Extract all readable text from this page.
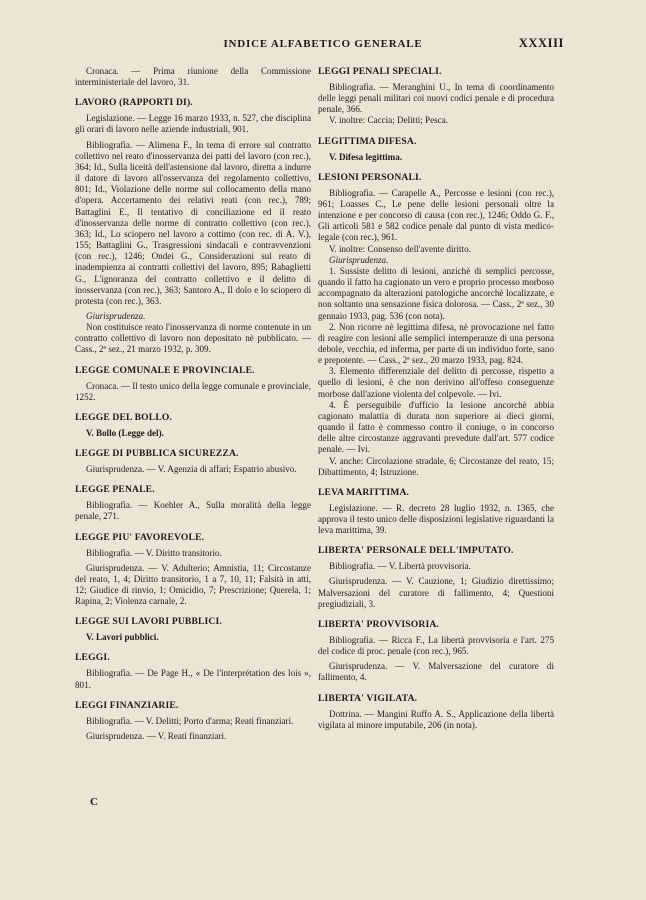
INDICE ALFABETICO GENERALE	XXXIII

Cronaca. — Prima riunione della Commissione interministeriale del lavoro, 31.

LAVORO (RAPPORTI DI).

Legislazione. — Legge 16 marzo 1933, n. 527, che disciplina gli orari di lavoro nelle aziende industriali, 901.

Bibliografia. — Alimena F., In tema di errore sul contratto collettivo nel reato d'inosservanza dei patti del lavoro (con rec.), 364; Id., Sulla liceità dell'astensione dal lavoro, diretta a indurre il datore di lavoro all'osservanza del regolamento collettivo, 801; Id., Violazione delle norme sul collocamento della mano d'opera. Accertamento dei relativi reati (con rec.), 789; Battaglini E., Il tentativo di conciliazione ed il reato d'inosservanza delle norme di contratto collettivo (con rec.), 363; Id., Lo sciopero nel lavoro a cottimo (con rec. di A. V.), 155; Battaglini G., Trasgressioni sindacali e contravvenzioni (con rec.), 1246; Ondei G., Considerazioni sul reato di inadempienza ai contratti collettivi del lavoro, 895; Rabaglietti G., L'ignoranza del contratto collettivo e il delitto di inosservanza (con rec.), 363; Santoro A., Il dolo e lo sciopero di protesta (con rec.), 363.

Giurisprudenza.

Non costituisce reato l'inosservanza di norme contenute in un contratto collettivo di lavoro non depositato nè pubblicato. — Cass., 2ª sez., 21 marzo 1932, p. 309.

LEGGE COMUNALE E PROVINCIALE.

Cronaca. — Il testo unico della legge comunale e provinciale, 1252.

LEGGE DEL BOLLO.

V. Bollo (Legge del).

LEGGE DI PUBBLICA SICUREZZA.

Giurisprudenza. — V. Agenzia di affari; Espatrio abusivo.

LEGGE PENALE.

Bibliografia. — Koehler A., Sulla moralità della legge penale, 271.

LEGGE PIU' FAVOREVOLE.

Bibliografia. — V. Diritto transitorio.

Giurisprudenza. — V. Adulterio; Amnistia, 11; Circostanze del reato, 1, 4; Diritto transitorio, 1 a 7, 10, 11; Falsità in atti, 12; Giudice di rinvio, 1; Omicidio, 7; Prescrizione; Querela, 1; Rapina, 2; Violenza carnale, 2.

LEGGE SUI LAVORI PUBBLICI.

V. Lavori pubblici.

LEGGI.

Bibliografia. — De Page H., « De l'interprétation des lois », 801.

LEGGI FINANZIARIE.

Bibliografia. — V. Delitti; Porto d'arma; Reati finanziari.

Giurisprudenza. — V. Reati finanziari.

C

LEGGI PENALI SPECIALI.

Bibliografia. — Meranghini U., In tema di coordinamento delle leggi penali militari coi nuovi codici penale e di procedura penale, 366.

V. inoltre: Caccia; Delitti; Pesca.

LEGITTIMA DIFESA.

V. Difesa legittima.

LESIONI PERSONALI.

Bibliografia. — Carapelle A., Percosse e lesioni (con rec.), 961; Loasses C., Le pene delle lesioni personali oltre la intenzione e per concorso di causa (con rec.), 1246; Oddo G. F., Gli articoli 581 e 582 codice penale dal punto di vista medico-legale (con rec.), 961.

V. inoltre: Consenso dell'avente diritto.

Giurisprudenza.

1. Sussiste delitto di lesioni, anzichè di semplici percosse, quando il fatto ha cagionato un vero e proprio processo morboso accompagnato da alterazioni patologiche ancorchè localizzate, e non soltanto una sensazione fisica dolorosa. — Cass., 2ª sez., 30 gennaio 1933, pag. 536 (con nota).

2. Non ricorre nè legittima difesa, nè provocazione nel fatto di reagire con lesioni alle semplici intemperanze di una persona debole, vecchia, ed inferma, per parte di un individuo forte, sano e prepotente. — Cass., 2ª sez., 20 marzo 1933, pag. 824.

3. Elemento differenziale del delitto di percosse, rispetto a quello di lesioni, è che non derivino all'offeso conseguenze morbose dall'azione violenta del colpevole. — Ivi.

4. È perseguibile d'ufficio la lesione ancorchè abbia cagionato malattia di durata non superiore ai dieci giorni, quando il fatto è commesso contro il coniuge, o in concorso delle altre circostanze aggravanti prevedute dall'art. 577 codice penale. — Ivi.

V. anche: Circolazione stradale, 6; Circostanze del reato, 15; Dibattimento, 4; Istruzione.

LEVA MARITTIMA.

Legislazione. — R. decreto 28 luglio 1932, n. 1365, che approva il testo unico delle disposizioni legislative riguardanti la leva marittima, 39.

LIBERTA' PERSONALE DELL'IMPUTATO.

Bibliografia. — V. Libertà provvisoria.

Giurisprudenza. — V. Cauzione, 1; Giudizio direttissimo; Malversazioni del curatore di fallimento, 4; Questioni pregiudiziali, 3.

LIBERTA' PROVVISORIA.

Bibliografia. — Ricca F., La libertà provvisoria e l'art. 275 del codice di proc. penale (con rec.), 965.

Giurisprudenza. — V. Malversazione del curatore di fallimento, 4.

LIBERTA' VIGILATA.

Dottrina. — Mangini Ruffo A. S., Applicazione della libertà vigilata al minore imputabile, 206 (in nota).
